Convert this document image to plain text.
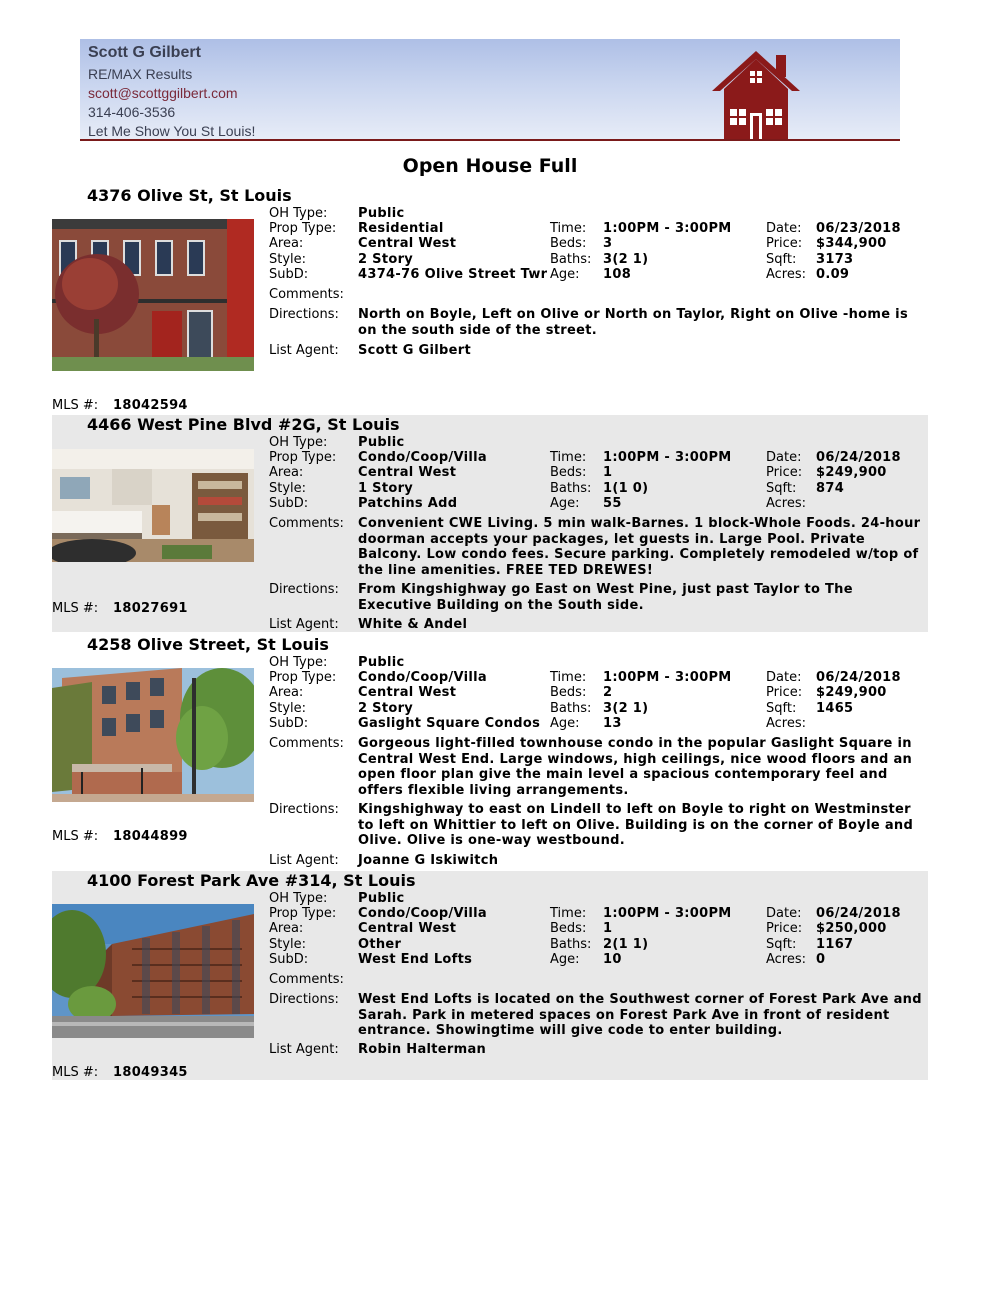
Scott G Gilbert
RE/MAX Results
scott@scottggilbert.com
314-406-3536
Let Me Show You St Louis!
Open House Full
4376 Olive St, St Louis
OH Type: Public
Prop Type: Residential
Area:	Central West
Style:	2 Story
SubD:	4374-76 Olive Street Twr
Time: 1:00PM - 3:00PM
Beds: 3
Baths: 3(2 1)
Age: 108
Date: 06/23/2018
Price: $344,900
Sqft: 3173
Acres: 0.09
Comments:
Directions: North on Boyle, Left on Olive or North on Taylor, Right on Olive -home is on the south side of the street.
List Agent: Scott G Gilbert
MLS #: 18042594
4466 West Pine Blvd #2G, St Louis
OH Type: Public
Prop Type: Condo/Coop/Villa
Area:	Central West
Style:	1 Story
SubD:	Patchins Add
Time: 1:00PM - 3:00PM
Beds: 1
Baths: 1(1 0)
Age: 55
Date: 06/24/2018
Price: $249,900
Sqft: 874
Acres:
Comments: Convenient CWE Living. 5 min walk-Barnes. 1 block-Whole Foods. 24-hour doorman accepts your packages, let guests in. Large Pool. Private Balcony. Low condo fees. Secure parking. Completely remodeled w/top of the line amenities. FREE TED DREWES!
Directions: From Kingshighway go East on West Pine, just past Taylor to The Executive Building on the South side.
List Agent: White & Andel
MLS #: 18027691
4258 Olive Street, St Louis
OH Type: Public
Prop Type: Condo/Coop/Villa
Area:	Central West
Style:	2 Story
SubD:	Gaslight Square Condos
Time: 1:00PM - 3:00PM
Beds: 2
Baths: 3(2 1)
Age: 13
Date: 06/24/2018
Price: $249,900
Sqft: 1465
Acres:
Comments: Gorgeous light-filled townhouse condo in the popular Gaslight Square in Central West End. Large windows, high ceilings, nice wood floors and an open floor plan give the main level a spacious contemporary feel and offers flexible living arrangements.
Directions: Kingshighway to east on Lindell to left on Boyle to right on Westminster to left on Whittier to left on Olive. Building is on the corner of Boyle and Olive. Olive is one-way westbound.
List Agent: Joanne G Iskiwitch
MLS #: 18044899
4100 Forest Park Ave #314, St Louis
OH Type: Public
Prop Type: Condo/Coop/Villa
Area:	Central West
Style:	Other
SubD:	West End Lofts
Time: 1:00PM - 3:00PM
Beds: 1
Baths: 2(1 1)
Age: 10
Date: 06/24/2018
Price: $250,000
Sqft: 1167
Acres: 0
Comments:
Directions: West End Lofts is located on the Southwest corner of Forest Park Ave and Sarah. Park in metered spaces on Forest Park Ave in front of resident entrance. Showingtime will give code to enter building.
List Agent: Robin Halterman
MLS #: 18049345
